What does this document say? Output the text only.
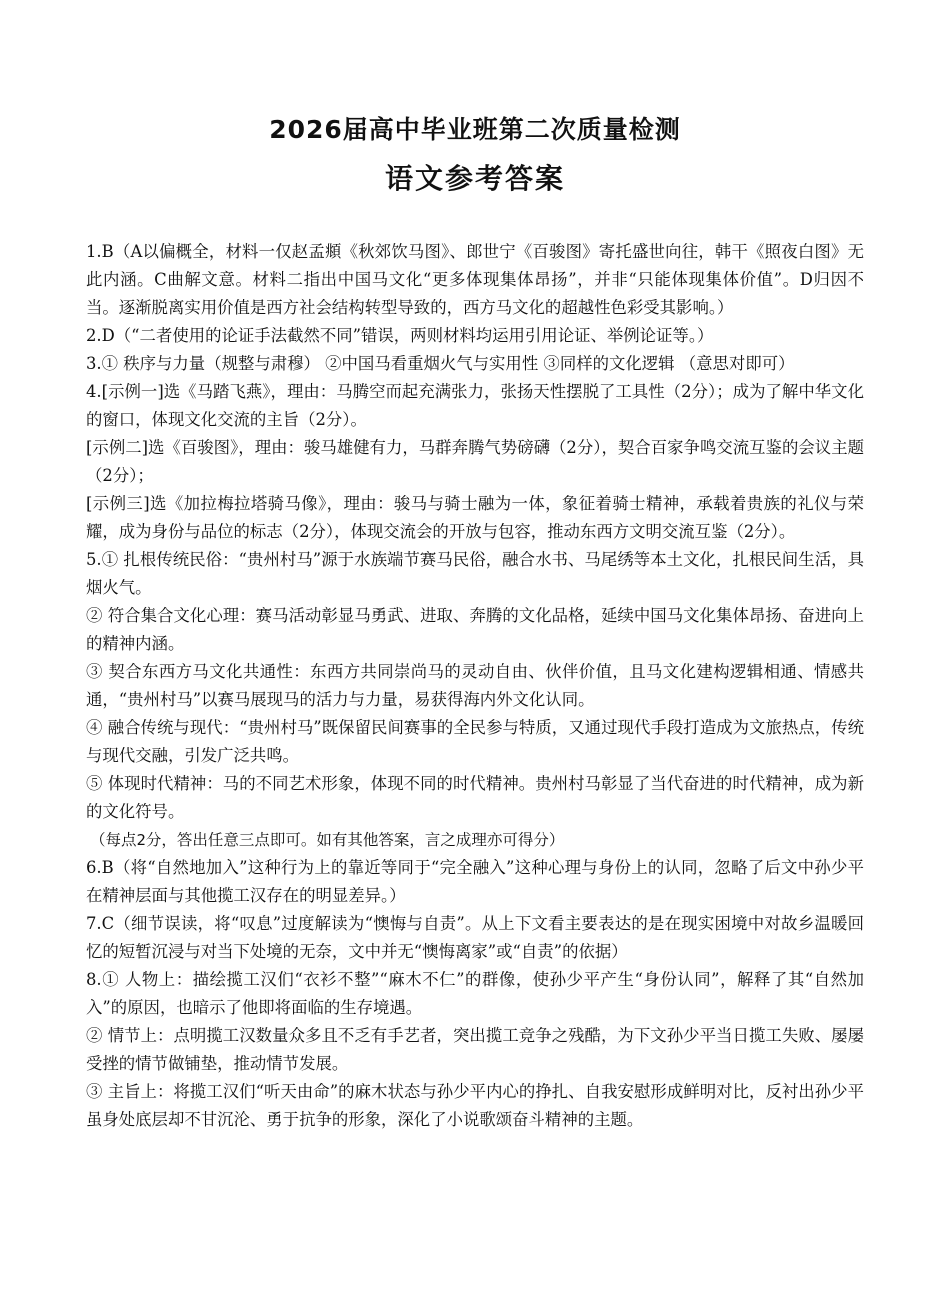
2026届高中毕业班第二次质量检测
语文参考答案

1.B（A以偏概全，材料一仅赵孟頫《秋郊饮马图》、郎世宁《百骏图》寄托盛世向往，韩干《照夜白图》无此内涵。C曲解文意。材料二指出中国马文化“更多体现集体昂扬”，并非“只能体现集体价值”。D归因不当。逐渐脱离实用价值是西方社会结构转型导致的，西方马文化的超越性色彩受其影响。）

2.D（“二者使用的论证手法截然不同”错误，两则材料均运用引用论证、举例论证等。）

3.① 秩序与力量（规整与肃穆） ②中国马看重烟火气与实用性 ③同样的文化逻辑 （意思对即可）

4.[示例一]选《马踏飞燕》，理由：马腾空而起充满张力，张扬天性摆脱了工具性（2分）；成为了解中华文化的窗口，体现文化交流的主旨（2分）。

[示例二]选《百骏图》，理由：骏马雄健有力，马群奔腾气势磅礴（2分），契合百家争鸣交流互鉴的会议主题（2分）；

[示例三]选《加拉梅拉塔骑马像》，理由：骏马与骑士融为一体，象征着骑士精神，承载着贵族的礼仪与荣耀，成为身份与品位的标志（2分），体现交流会的开放与包容，推动东西方文明交流互鉴（2分）。

5.① 扎根传统民俗：“贵州村马”源于水族端节赛马民俗，融合水书、马尾绣等本土文化，扎根民间生活，具烟火气。

② 符合集合文化心理：赛马活动彰显马勇武、进取、奔腾的文化品格，延续中国马文化集体昂扬、奋进向上的精神内涵。

③ 契合东西方马文化共通性：东西方共同崇尚马的灵动自由、伙伴价值，且马文化建构逻辑相通、情感共通，“贵州村马”以赛马展现马的活力与力量，易获得海内外文化认同。

④ 融合传统与现代：“贵州村马”既保留民间赛事的全民参与特质，又通过现代手段打造成为文旅热点，传统与现代交融，引发广泛共鸣。

⑤ 体现时代精神：马的不同艺术形象，体现不同的时代精神。贵州村马彰显了当代奋进的时代精神，成为新的文化符号。

（每点2分，答出任意三点即可。如有其他答案，言之成理亦可得分）

6.B（将“自然地加入”这种行为上的靠近等同于“完全融入”这种心理与身份上的认同，忽略了后文中孙少平在精神层面与其他揽工汉存在的明显差异。）

7.C（细节误读，将“叹息”过度解读为“懊悔与自责”。从上下文看主要表达的是在现实困境中对故乡温暖回忆的短暂沉浸与对当下处境的无奈，文中并无“懊悔离家”或“自责”的依据）

8.① 人物上：描绘揽工汉们“衣衫不整”“麻木不仁”的群像，使孙少平产生“身份认同”，解释了其“自然加入”的原因，也暗示了他即将面临的生存境遇。

② 情节上：点明揽工汉数量众多且不乏有手艺者，突出揽工竞争之残酷，为下文孙少平当日揽工失败、屡屡受挫的情节做铺垫，推动情节发展。

③ 主旨上：将揽工汉们“听天由命”的麻木状态与孙少平内心的挣扎、自我安慰形成鲜明对比，反衬出孙少平虽身处底层却不甘沉沦、勇于抗争的形象，深化了小说歌颂奋斗精神的主题。
